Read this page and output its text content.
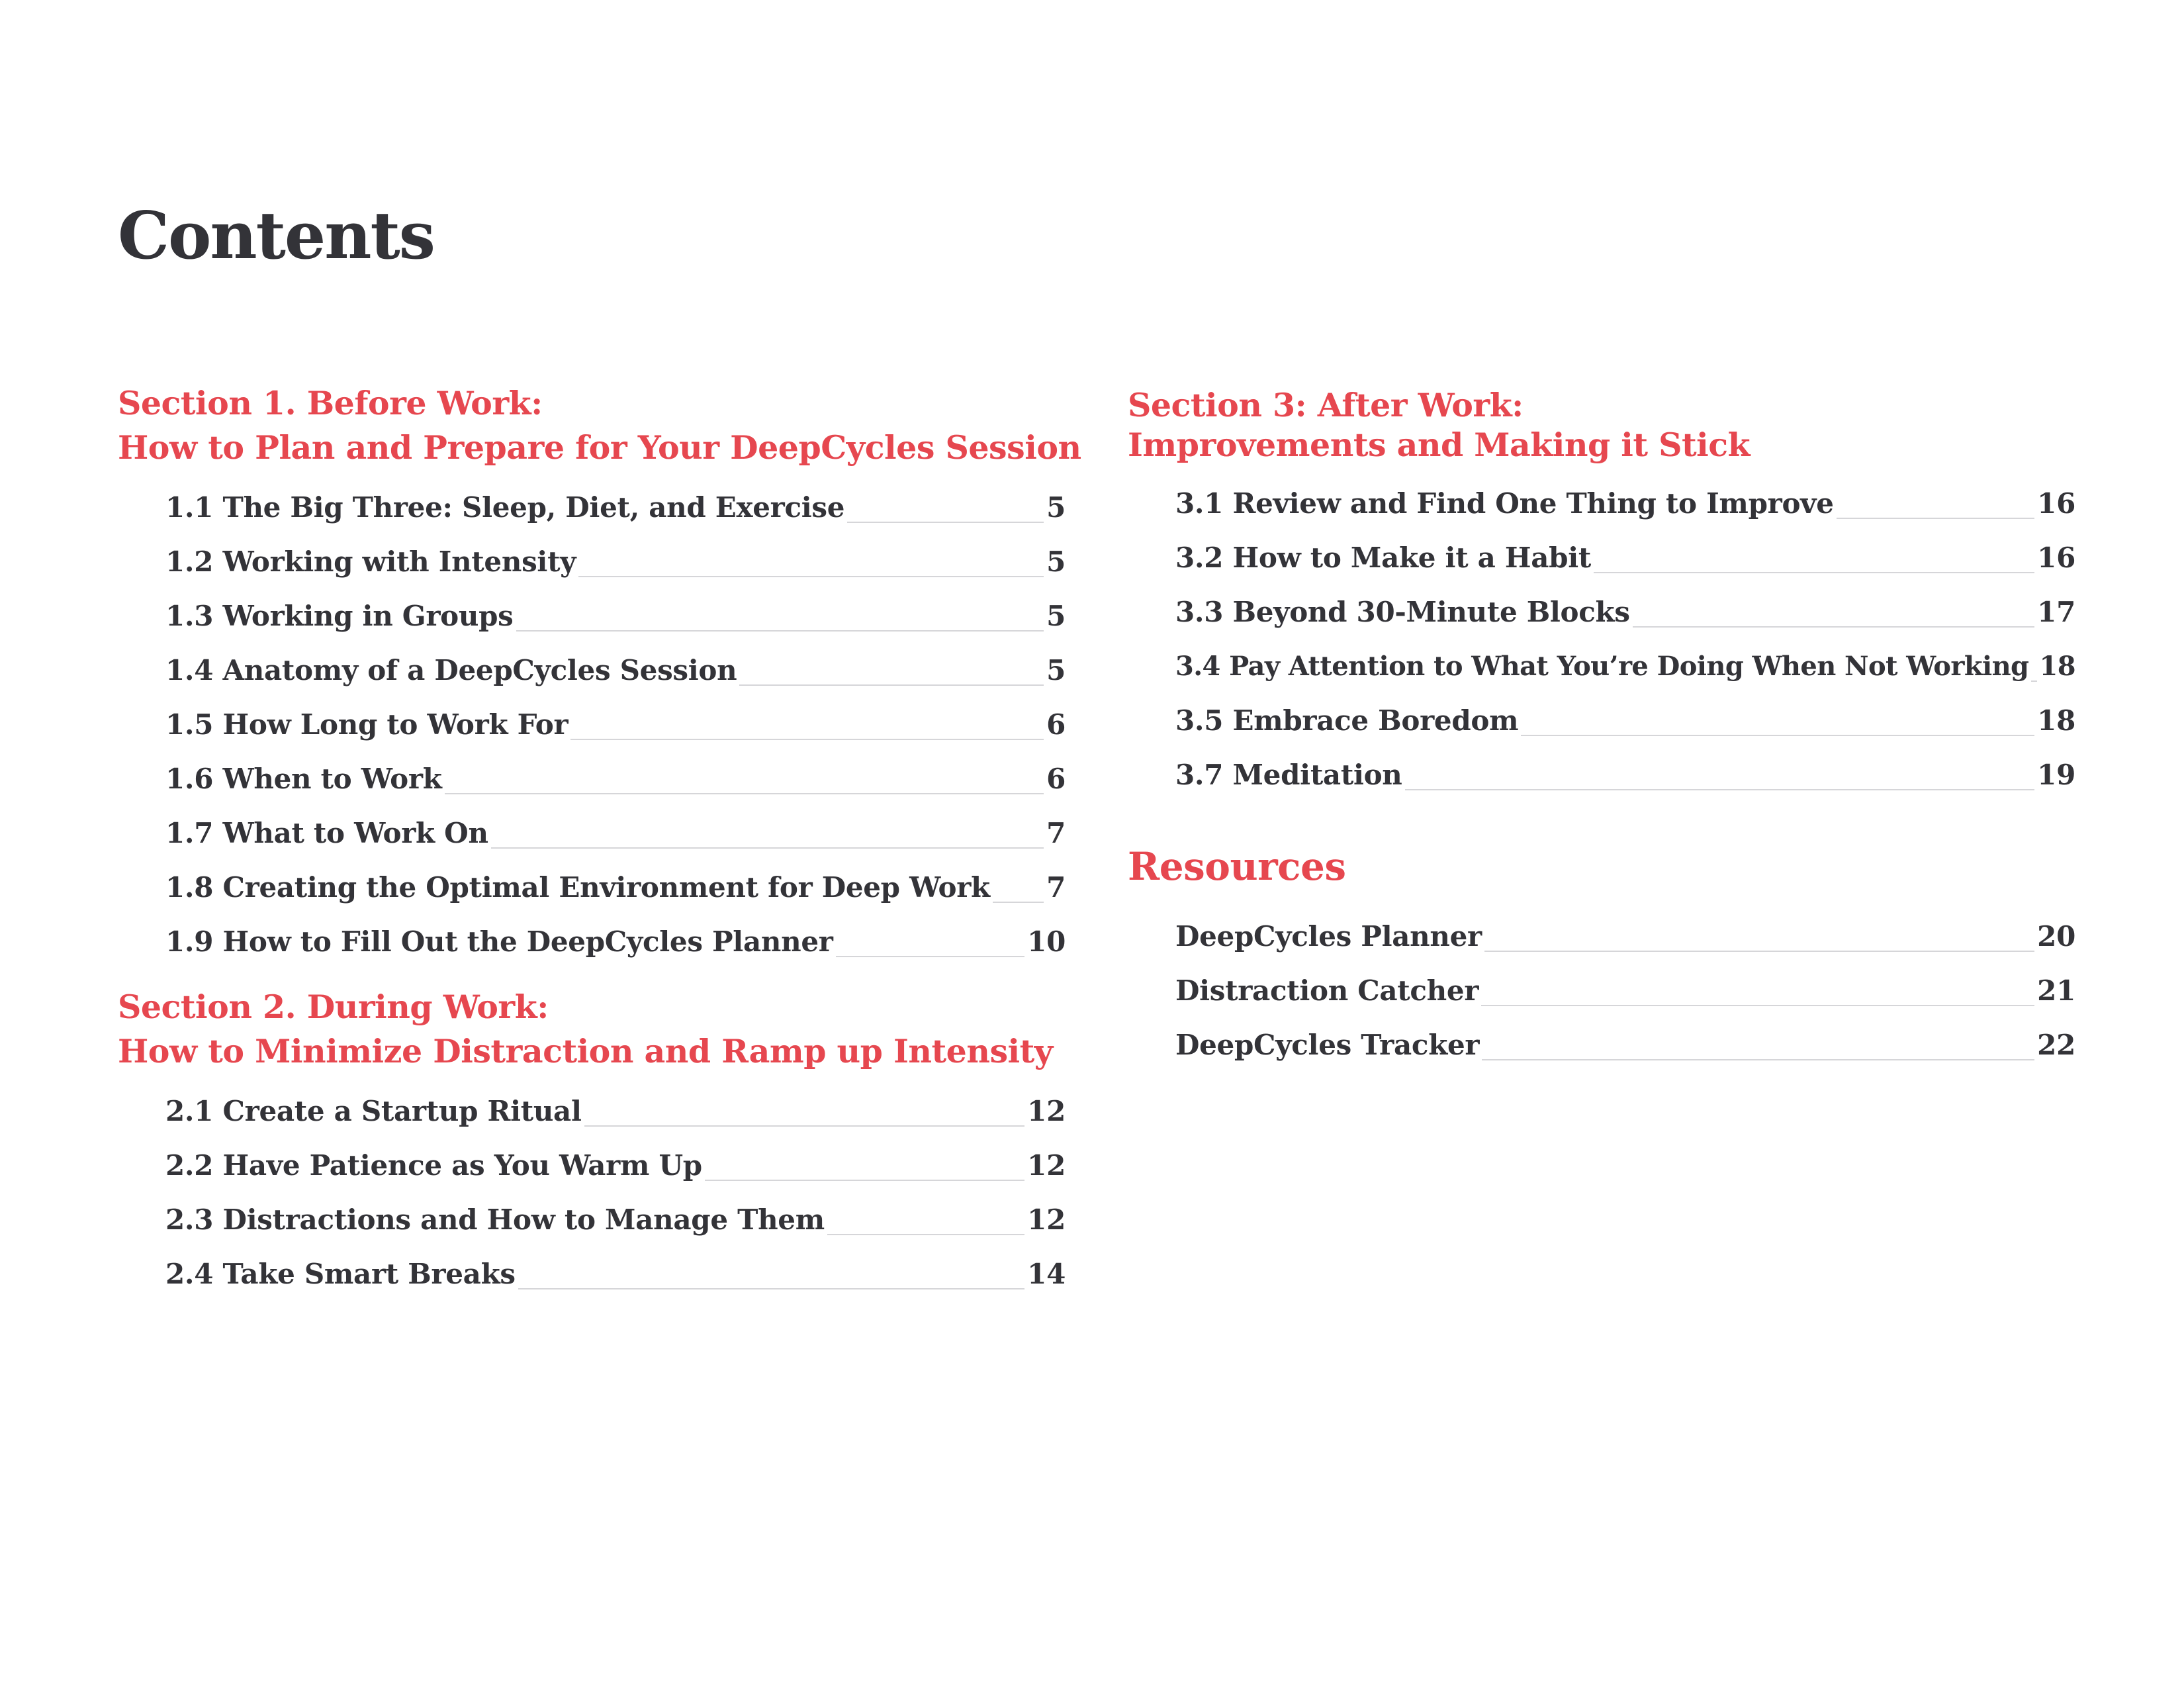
Contents
Section 1. Before Work:
How to Plan and Prepare for Your DeepCycles Session
1.1 The Big Three: Sleep, Diet, and Exercise	5
1.2 Working with Intensity	5
1.3 Working in Groups	5
1.4 Anatomy of a DeepCycles Session	5
1.5 How Long to Work For	6
1.6 When to Work	6
1.7 What to Work On	7
1.8 Creating the Optimal Environment for Deep Work 7
1.9 How to Fill Out the DeepCycles Planner	10
Section 2. During Work:
How to Minimize Distraction and Ramp up Intensity
2.1 Create a Startup Ritual	12
2.2 Have Patience as You Warm Up	12
2.3 Distractions and How to Manage Them	12
2.4 Take Smart Breaks	14
Section 3: After Work:
Improvements and Making it Stick
3.1 Review and Find One Thing to Improve	16
3.2 How to Make it a Habit	16
3.3 Beyond 30-Minute Blocks	17
3.4 Pay Attention to What You’re Doing When Not Working 18
3.5 Embrace Boredom	18
3.7 Meditation	19
Resources
DeepCycles Planner	20
Distraction Catcher	21
DeepCycles Tracker	22
